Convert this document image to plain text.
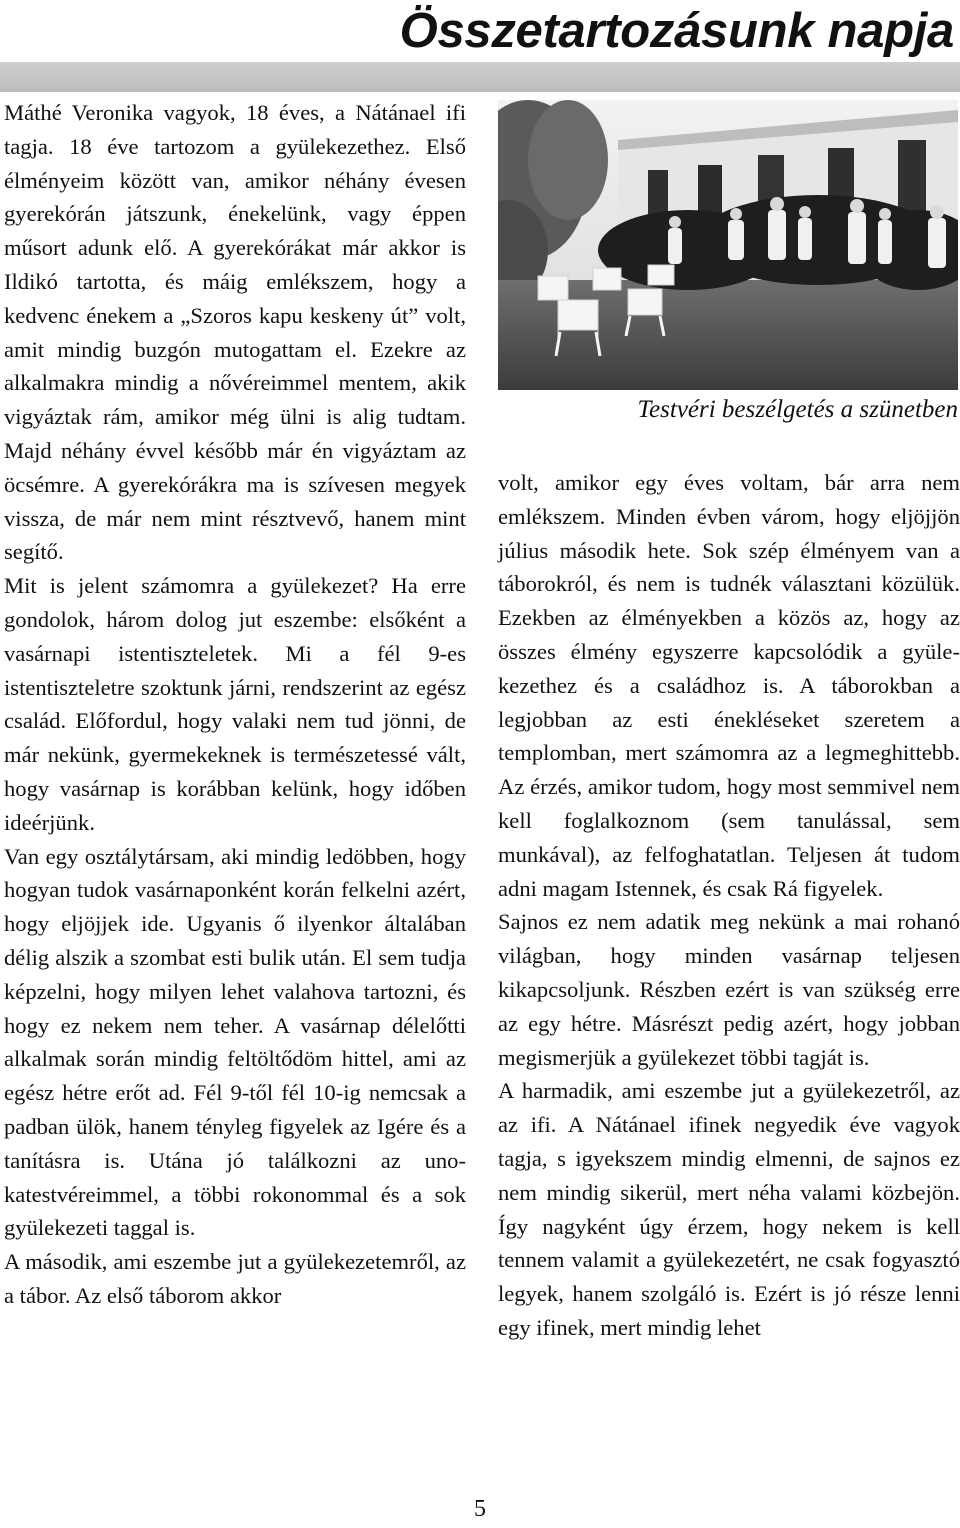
Összetartozásunk napja

Máthé Veronika vagyok, 18 éves, a Nátánael ifi tagja. 18 éve tartozom a gyülekezethez. Első élményeim között van, amikor néhány évesen gyerekórán játszunk, énekelünk, vagy éppen műsort adunk elő. A gyerekórákat már akkor is Ildikó tartotta, és máig emlékszem, hogy a kedvenc énekem a „Szoros kapu keskeny út” volt, amit mindig buzgón mutogattam el. Ezekre az alkalmakra mindig a nővéreimmel mentem, akik vigyáztak rám, amikor még ülni is alig tudtam. Majd néhány évvel később már én vigyáztam az öcsémre. A gyerekórákra ma is szívesen megyek vissza, de már nem mint résztvevő, hanem mint segítő.

Mit is jelent számomra a gyülekezet? Ha erre gondolok, három dolog jut eszembe: elsőként a vasárnapi istentiszteletek. Mi a fél 9-es istentiszteletre szoktunk járni, rendszerint az egész család. Előfordul, hogy valaki nem tud jönni, de már nekünk, gyermekeknek is természetessé vált, hogy vasárnap is korábban kelünk, hogy időben ideérjünk.

Van egy osztálytársam, aki mindig ledöbben, hogy hogyan tudok vasárnaponként korán felkelni azért, hogy eljöjjek ide. Ugyanis ő ilyenkor általában délig alszik a szombat esti bulik után. El sem tudja képzelni, hogy milyen lehet valahova tartozni, és hogy ez nekem nem teher. A vasárnap délelőtti alkalmak során mindig feltöltődöm hittel, ami az egész hétre erőt ad. Fél 9-től fél 10-ig nemcsak a padban ülök, hanem tényleg figyelek az Igére és a tanításra is. Utána jó találkozni az unokatestvéreimmel, a többi rokonommal és a sok gyülekezeti taggal is.

A második, ami eszembe jut a gyülekezetemről, az a tábor. Az első táborom akkor

Testvéri beszélgetés a szünetben

volt, amikor egy éves voltam, bár arra nem emlékszem. Minden évben várom, hogy eljöjjön július második hete. Sok szép élményem van a táborokról, és nem is tudnék választani közülük. Ezekben az élményekben a közös az, hogy az összes élmény egyszerre kapcsolódik a gyülekezethez és a családhoz is. A táborokban a legjobban az esti énekléseket szeretem a templomban, mert számomra az a legmeghittebb. Az érzés, amikor tudom, hogy most semmivel nem kell foglalkoznom (sem tanulással, sem munkával), az felfoghatatlan. Teljesen át tudom adni magam Istennek, és csak Rá figyelek.

Sajnos ez nem adatik meg nekünk a mai rohanó világban, hogy minden vasárnap teljesen kikapcsoljunk. Részben ezért is van szükség erre az egy hétre. Másrészt pedig azért, hogy jobban megismerjük a gyülekezet többi tagját is.

A harmadik, ami eszembe jut a gyülekezetről, az az ifi. A Nátánael ifinek negyedik éve vagyok tagja, s igyekszem mindig elmenni, de sajnos ez nem mindig sikerül, mert néha valami közbejön. Így nagyként úgy érzem, hogy nekem is kell tennem valamit a gyülekezetért, ne csak fogyasztó legyek, hanem szolgáló is. Ezért is jó része lenni egy ifinek, mert mindig lehet

5
